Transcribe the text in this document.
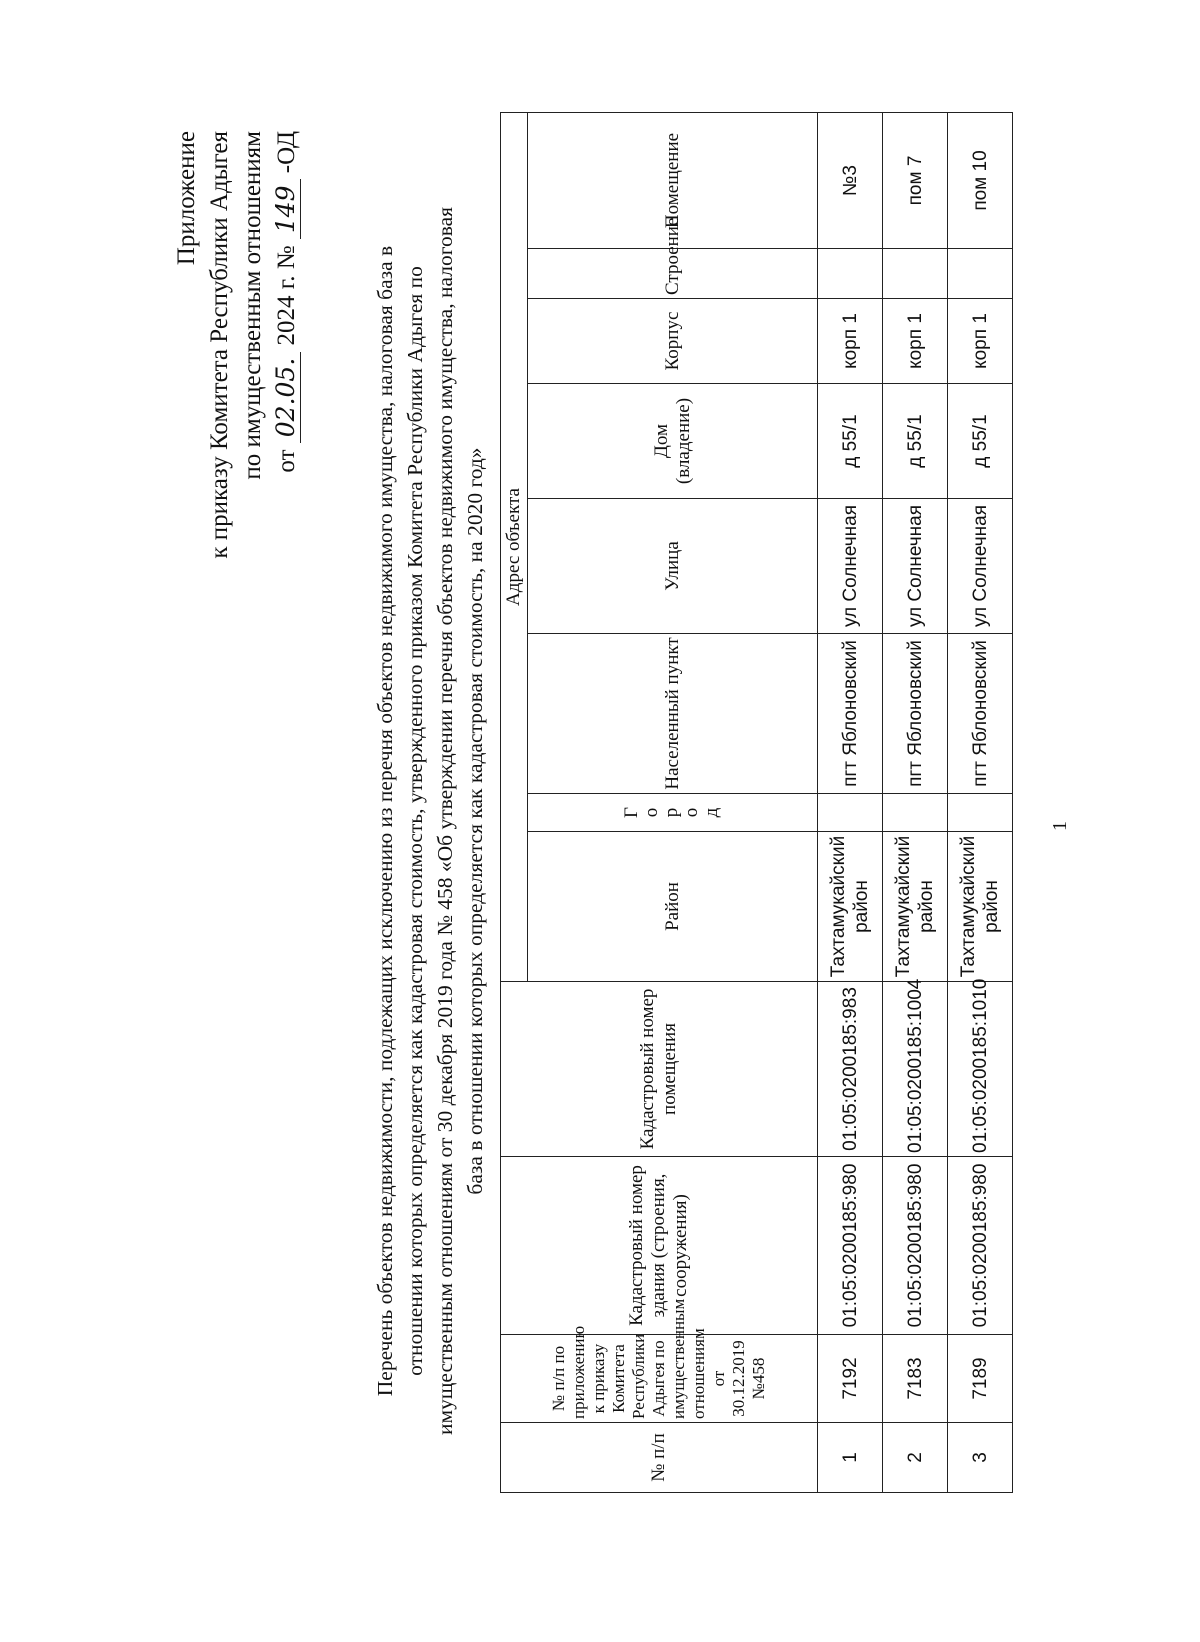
Приложение к приказу Комитета Республики Адыгея по имущественным отношениям от 02.05. 2024 г. № 149 -ОД
Перечень объектов недвижимости, подлежащих исключению из перечня объектов недвижимого имущества, налоговая база в отношении которых определяется как кадастровая стоимость, утвержденного приказом Комитета Республики Адыгея по имущественным отношениям от 30 декабря 2019 года № 458 «Об утверждении перечня объектов недвижимого имущества, налоговая база в отношении которых определяется как кадастровая стоимость, на 2020 год»
№ п/п	№ п/п по приложению к приказу Комитета Республики Адыгея по имущественным отношениям от 30.12.2019 №458	Кадастровый номер здания (строения, сооружения)	Кадастровый номер помещения	Адрес объекта							
				Район	Город	Населенный пункт	Улица	Дом (владение)	Корпус	Строение	Помещение
1	7192	01:05:0200185:980	01:05:0200185:983	Тахтамукайский район		пгт Яблоновский	ул Солнечная	д 55/1	корп 1		№3
2	7183	01:05:0200185:980	01:05:0200185:1004	Тахтамукайский район		пгт Яблоновский	ул Солнечная	д 55/1	корп 1		пом 7
3	7189	01:05:0200185:980	01:05:0200185:1010	Тахтамукайский район		пгт Яблоновский	ул Солнечная	д 55/1	корп 1		пом 10
1
